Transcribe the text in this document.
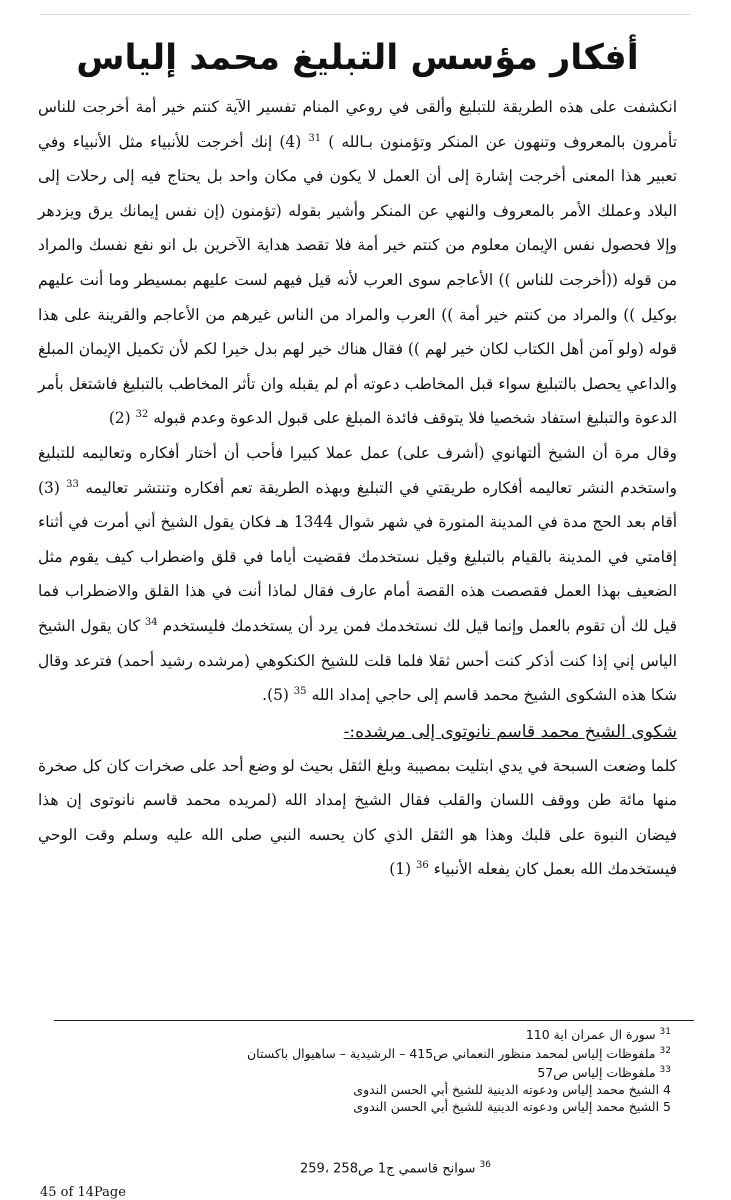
أفكار مؤسس التبليغ محمد إلياس

انكشفت على هذه الطريقة للتبليغ وألقى في روعي المنام تفسير الآية كنتم خير أمة أخرجت للناس تأمرون بالمعروف وتنهون عن المنكر وتؤمنون بـالله ) $^{31}$ (4) إنك أخرجت للأنبياء مثل الأنبياء وفي تعبير هذا المعنى أخرجت إشارة إلى أن العمل لا يكون في مكان واحد بل يحتاج فيه إلى رحلات إلى البلاد وعملك الأمر بالمعروف والنهي عن المنكر وأشير بقوله (تؤمنون (إن نفس إيمانك يرق ويزدهر وإلا فحصول نفس الإيمان معلوم من كنتم خير أمة فلا تقصد هداية الآخرين بل انو نفع نفسك والمراد من قوله ((أخرجت للناس )) الأعاجم سوى العرب لأنه قيل فيهم لست عليهم بمسيطر وما أنت عليهم بوكيل )) والمراد من كنتم خير أمة )) العرب والمراد من الناس غيرهم من الأعاجم والقرينة على هذا قوله (ولو آمن أهل الكتاب لكان خير لهم )) فقال هناك خير لهم بدل خيرا لكم لأن تكميل الإيمان المبلغ والداعي يحصل بالتبليغ سواء قبل المخاطب دعوته أم لم يقبله وان تأثر المخاطب بالتبليغ فاشتغل بأمر الدعوة والتبليغ استفاد شخصيا فلا يتوقف فائدة المبلغ على قبول الدعوة وعدم قبوله $^{32}$ (2)

وقال مرة أن الشيخ ألتهانوي (أشرف على) عمل عملا كبيرا فأحب أن أختار أفكاره وتعاليمه للتبليغ واستخدم النشر تعاليمه أفكاره طريقتي في التبليغ وبهذه الطريقة تعم أفكاره وتنتشر تعاليمه $^{33}$ (3) أقام بعد الحج مدة في المدينة المنورة في شهر شوال 1344 هـ فكان يقول الشيخ أني أمرت في أثناء إقامتي في المدينة بالقيام بالتبليغ وقيل نستخدمك فقضيت أياما في قلق واضطراب كيف يقوم مثل الضعيف بهذا العمل فقصصت هذه القصة أمام عارف فقال لماذا أنت في هذا القلق والاضطراب فما قيل لك أن تقوم بالعمل وإنما قيل لك نستخدمك فمن يرد أن يستخدمك فليستخدم $^{34}$ كان يقول الشيخ الياس إني إذا كنت أذكر كنت أحس ثقلا فلما قلت للشيخ الكنكوهي (مرشده رشيد أحمد) فترعد وقال شكا هذه الشكوى الشيخ محمد قاسم إلى حاجي إمداد الله $^{35}$ (5).

شكوى الشيخ محمد قاسم نانوتوى إلى مرشده:-

كلما وضعت السبحة في يدي ابتليت بمصيبة وبلغ الثقل بحيث لو وضع أحد على صخرات كان كل صخرة منها مائة طن ووقف اللسان والقلب فقال الشيخ إمداد الله (لمريده محمد قاسم نانوتوى إن هذا فيضان النبوة على قلبك وهذا هو الثقل الذي كان يحسه النبي صلى الله عليه وسلم وقت الوحي فيستخدمك الله بعمل كان يفعله الأنبياء $^{36}$ (1)

$^{31}$سورة ال عمران اية 110

$^{32}$ملفوظات إلياس لمحمد منظور النعماني ص415 – الرشيدية – ساهيوال باكستان

$^{33}$ملفوظات إلياس ص57

4 الشيخ محمد إلياس ودعوته الدينية للشيخ أبي الحسن الندوى

5 الشيخ محمد إلياس ودعوته الدينية للشيخ أبي الحسن الندوى

$^{36}$سوانح قاسمي ج1 ص258 ،259
45 of 14Page
